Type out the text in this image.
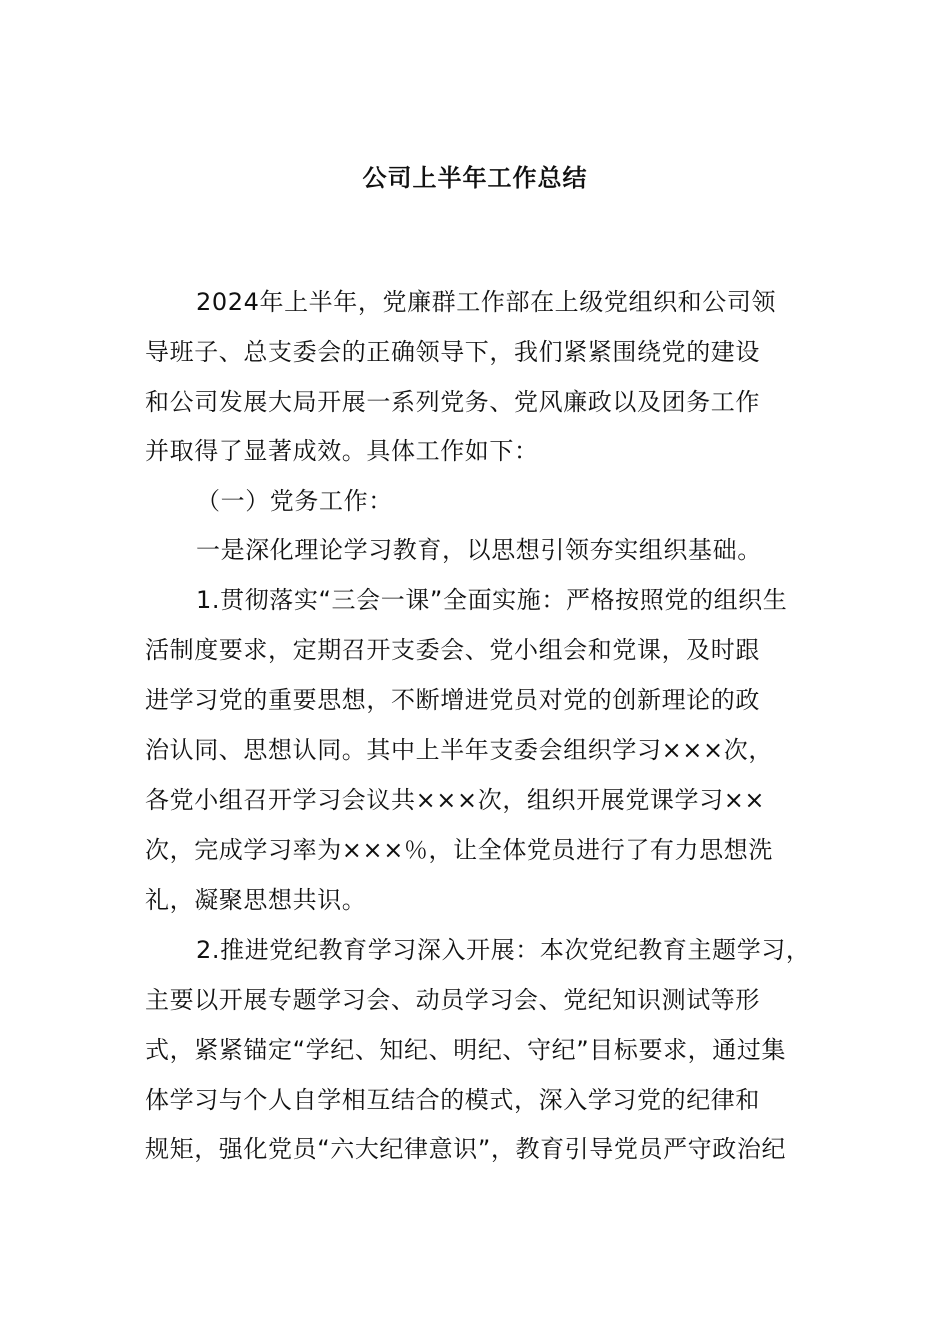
公司上半年工作总结
2024年上半年，党廉群工作部在上级党组织和公司领
导班子、总支委会的正确领导下，我们紧紧围绕党的建设
和公司发展大局开展一系列党务、党风廉政以及团务工作
并取得了显著成效。具体工作如下：
（一）党务工作：
一是深化理论学习教育，以思想引领夯实组织基础。
1.贯彻落实“三会一课”全面实施：严格按照党的组织生
活制度要求，定期召开支委会、党小组会和党课，及时跟
进学习党的重要思想，不断增进党员对党的创新理论的政
治认同、思想认同。其中上半年支委会组织学习×××次，
各党小组召开学习会议共×××次，组织开展党课学习××
次，完成学习率为×××％，让全体党员进行了有力思想洗
礼，凝聚思想共识。
2.推进党纪教育学习深入开展：本次党纪教育主题学习，
主要以开展专题学习会、动员学习会、党纪知识测试等形
式，紧紧锚定“学纪、知纪、明纪、守纪”目标要求，通过集
体学习与个人自学相互结合的模式，深入学习党的纪律和
规矩，强化党员“六大纪律意识”，教育引导党员严守政治纪
